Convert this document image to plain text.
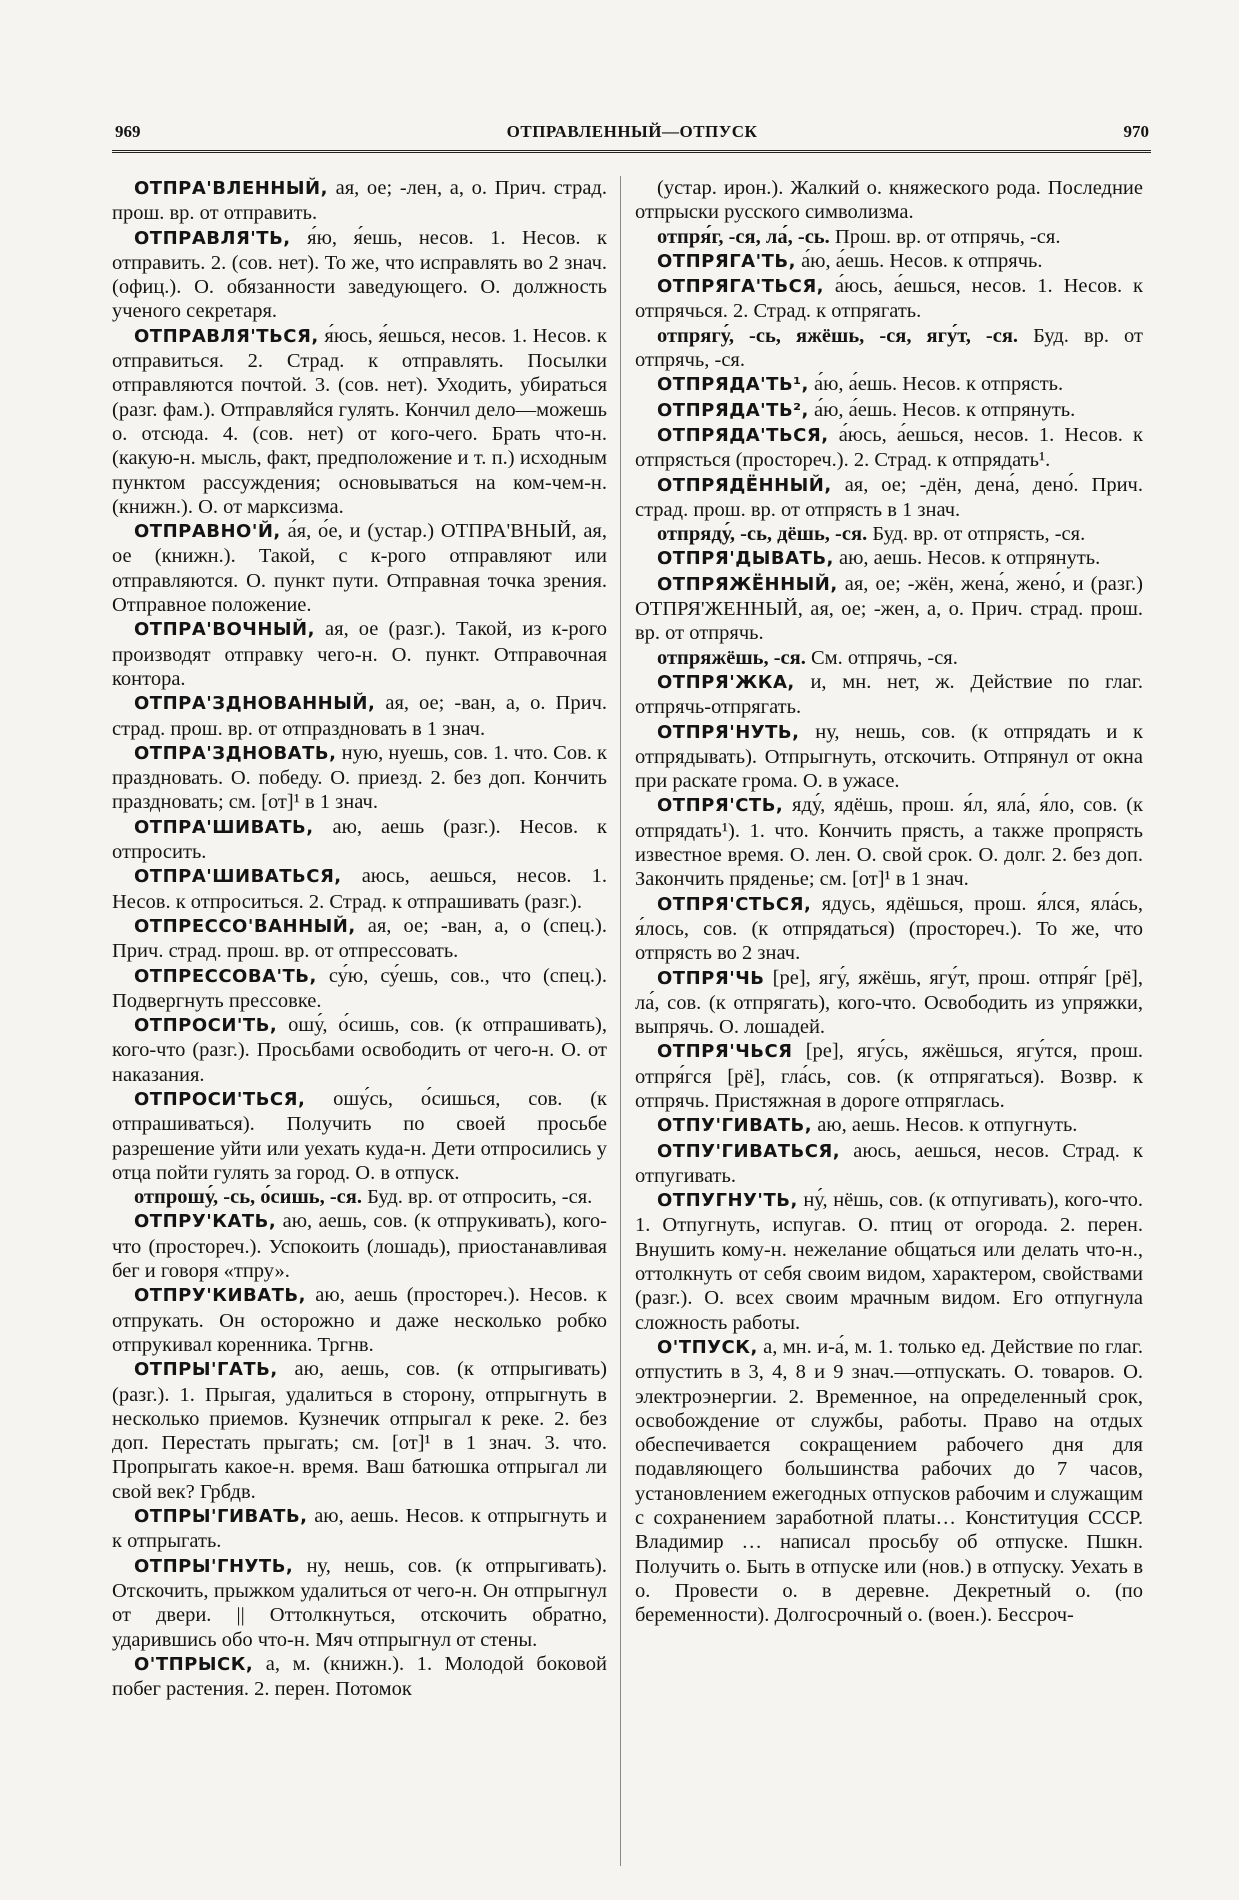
969	ОТПРАВЛЕННЫЙ—ОТПУСК	970

ОТПРА'ВЛЕННЫЙ, ая, ое; -лен, а, о. Прич. страд. прош. вр. от отправить.

ОТПРАВЛЯ'ТЬ, я́ю, я́ешь, несов. 1. Несов. к отправить. 2. (сов. нет). То же, что исправлять во 2 знач. (офиц.). О. обязанности заведующего. О. должность ученого секретаря.

ОТПРАВЛЯ'ТЬСЯ, я́юсь, я́ешься, несов. 1. Несов. к отправиться. 2. Страд. к отправлять. Посылки отправляются почтой. 3. (сов. нет). Уходить, убираться (разг. фам.). Отправляйся гулять. Кончил дело—можешь о. отсюда. 4. (сов. нет) от кого-чего. Брать что-н. (какую-н. мысль, факт, предположение и т. п.) исходным пунктом рассуждения; основываться на ком-чем-н. (книжн.). О. от марксизма.

ОТПРАВНО'Й, а́я, о́е, и (устар.) ОТПРА'ВНЫЙ, ая, ое (книжн.). Такой, с к-рого отправляют или отправляются. О. пункт пути. Отправная точка зрения. Отправное положение.

ОТПРА'ВОЧНЫЙ, ая, ое (разг.). Такой, из к-рого производят отправку чего-н. О. пункт. Отправочная контора.

ОТПРА'ЗДНОВАННЫЙ, ая, ое; -ван, а, о. Прич. страд. прош. вр. от отпраздновать в 1 знач.

ОТПРА'ЗДНОВАТЬ, ную, нуешь, сов. 1. что. Сов. к праздновать. О. победу. О. приезд. 2. без доп. Кончить праздновать; см. [от]¹ в 1 знач.

ОТПРА'ШИВАТЬ, аю, аешь (разг.). Несов. к отпросить.

ОТПРА'ШИВАТЬСЯ, аюсь, аешься, несов. 1. Несов. к отпроситься. 2. Страд. к отпрашивать (разг.).

ОТПРЕССО'ВАННЫЙ, ая, ое; -ван, а, о (спец.). Прич. страд. прош. вр. от отпрессовать.

ОТПРЕССОВА'ТЬ, су́ю, су́ешь, сов., что (спец.). Подвергнуть прессовке.

ОТПРОСИ'ТЬ, ошу́, о́сишь, сов. (к отпрашивать), кого-что (разг.). Просьбами освободить от чего-н. О. от наказания.

ОТПРОСИ'ТЬСЯ, ошу́сь, о́сишься, сов. (к отпрашиваться). Получить по своей просьбе разрешение уйти или уехать куда-н. Дети отпросились у отца пойти гулять за город. О. в отпуск.

отпрошу́, -сь, о́сишь, -ся. Буд. вр. от отпросить, -ся.

ОТПРУ'КАТЬ, аю, аешь, сов. (к отпрукивать), кого-что (простореч.). Успокоить (лошадь), приостанавливая бег и говоря «тпру».

ОТПРУ'КИВАТЬ, аю, аешь (простореч.). Несов. к отпрукать. Он осторожно и даже несколько робко отпрукивал коренника. Тргнв.

ОТПРЫ'ГАТЬ, аю, аешь, сов. (к отпрыгивать) (разг.). 1. Прыгая, удалиться в сторону, отпрыгнуть в несколько приемов. Кузнечик отпрыгал к реке. 2. без доп. Перестать прыгать; см. [от]¹ в 1 знач. 3. что. Пропрыгать какое-н. время. Ваш батюшка отпрыгал ли свой век? Грбдв.

ОТПРЫ'ГИВАТЬ, аю, аешь. Несов. к отпрыгнуть и к отпрыгать.

ОТПРЫ'ГНУТЬ, ну, нешь, сов. (к отпрыгивать). Отскочить, прыжком удалиться от чего-н. Он отпрыгнул от двери. || Оттолкнуться, отскочить обратно, ударившись обо что-н. Мяч отпрыгнул от стены.

О'ТПРЫСК, а, м. (книжн.). 1. Молодой боковой побег растения. 2. перен. Потомок

(устар. ирон.). Жалкий о. княжеского рода. Последние отпрыски русского символизма.

отпря́г, -ся, ла́, -сь. Прош. вр. от отпрячь, -ся.

ОТПРЯГА'ТЬ, а́ю, а́ешь. Несов. к отпрячь.

ОТПРЯГА'ТЬСЯ, а́юсь, а́ешься, несов. 1. Несов. к отпрячься. 2. Страд. к отпрягать.

отпрягу́, -сь, яжёшь, -ся, ягу́т, -ся. Буд. вр. от отпрячь, -ся.

ОТПРЯДА'ТЬ¹, а́ю, а́ешь. Несов. к отпрясть.

ОТПРЯДА'ТЬ², а́ю, а́ешь. Несов. к отпрянуть.

ОТПРЯДА'ТЬСЯ, а́юсь, а́ешься, несов. 1. Несов. к отпрясться (простореч.). 2. Страд. к отпрядать¹.

ОТПРЯДЁННЫЙ, ая, ое; -дён, дена́, дено́. Прич. страд. прош. вр. от отпрясть в 1 знач.

отпряду́, -сь, дёшь, -ся. Буд. вр. от отпрясть, -ся.

ОТПРЯ'ДЫВАТЬ, аю, аешь. Несов. к отпрянуть.

ОТПРЯЖЁННЫЙ, ая, ое; -жён, жена́, жено́, и (разг.) ОТПРЯ'ЖЕННЫЙ, ая, ое; -жен, а, о. Прич. страд. прош. вр. от отпрячь.

отпряжёшь, -ся. См. отпрячь, -ся.

ОТПРЯ'ЖКА, и, мн. нет, ж. Действие по глаг. отпрячь-отпрягать.

ОТПРЯ'НУТЬ, ну, нешь, сов. (к отпрядать и к отпрядывать). Отпрыгнуть, отскочить. Отпрянул от окна при раскате грома. О. в ужасе.

ОТПРЯ'СТЬ, яду́, ядёшь, прош. я́л, яла́, я́ло, сов. (к отпрядать¹). 1. что. Кончить прясть, а также пропрясть известное время. О. лен. О. свой срок. О. долг. 2. без доп. Закончить пряденье; см. [от]¹ в 1 знач.

ОТПРЯ'СТЬСЯ, ядусь, ядёшься, прош. я́лся, яла́сь, я́лось, сов. (к отпрядаться) (простореч.). То же, что отпрясть во 2 знач.

ОТПРЯ'ЧЬ [ре], ягу́, яжёшь, ягу́т, прош. отпря́г [рё], ла́, сов. (к отпрягать), кого-что. Освободить из упряжки, выпрячь. О. лошадей.

ОТПРЯ'ЧЬСЯ [ре], ягу́сь, яжёшься, ягу́тся, прош. отпря́гся [рё], гла́сь, сов. (к отпрягаться). Возвр. к отпрячь. Пристяжная в дороге отпряглась.

ОТПУ'ГИВАТЬ, аю, аешь. Несов. к отпугнуть.

ОТПУ'ГИВАТЬСЯ, аюсь, аешься, несов. Страд. к отпугивать.

ОТПУГНУ'ТЬ, ну́, нёшь, сов. (к отпугивать), кого-что. 1. Отпугнуть, испугав. О. птиц от огорода. 2. перен. Внушить кому-н. нежелание общаться или делать что-н., оттолкнуть от себя своим видом, характером, свойствами (разг.). О. всех своим мрачным видом. Его отпугнула сложность работы.

О'ТПУСК, а, мн. и-а́, м. 1. только ед. Действие по глаг. отпустить в 3, 4, 8 и 9 знач.—отпускать. О. товаров. О. электроэнергии. 2. Временное, на определенный срок, освобождение от службы, работы. Право на отдых обеспечивается сокращением рабочего дня для подавляющего большинства рабочих до 7 часов, установлением ежегодных отпусков рабочим и служащим с сохранением заработной платы… Конституция СССР. Владимир … написал просьбу об отпуске. Пшкн. Получить о. Быть в отпуске или (нов.) в отпуску. Уехать в о. Провести о. в деревне. Декретный о. (по беременности). Долгосрочный о. (воен.). Бессроч-
